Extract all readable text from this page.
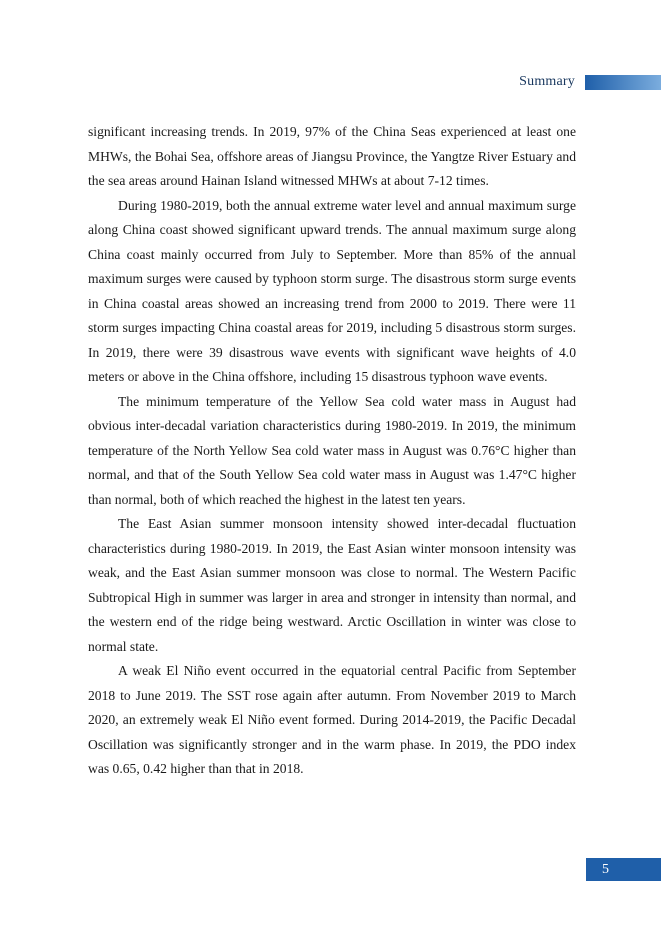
Summary

significant increasing trends. In 2019, 97% of the China Seas experienced at least one MHWs, the Bohai Sea, offshore areas of Jiangsu Province, the Yangtze River Estuary and the sea areas around Hainan Island witnessed MHWs at about 7-12 times.

During 1980-2019, both the annual extreme water level and annual maximum surge along China coast showed significant upward trends. The annual maximum surge along China coast mainly occurred from July to September. More than 85% of the annual maximum surges were caused by typhoon storm surge. The disastrous storm surge events in China coastal areas showed an increasing trend from 2000 to 2019. There were 11 storm surges impacting China coastal areas for 2019, including 5 disastrous storm surges. In 2019, there were 39 disastrous wave events with significant wave heights of 4.0 meters or above in the China offshore, including 15 disastrous typhoon wave events.

The minimum temperature of the Yellow Sea cold water mass in August had obvious inter-decadal variation characteristics during 1980-2019. In 2019, the minimum temperature of the North Yellow Sea cold water mass in August was 0.76°C higher than normal, and that of the South Yellow Sea cold water mass in August was 1.47°C higher than normal, both of which reached the highest in the latest ten years.

The East Asian summer monsoon intensity showed inter-decadal fluctuation characteristics during 1980-2019. In 2019, the East Asian winter monsoon intensity was weak, and the East Asian summer monsoon was close to normal. The Western Pacific Subtropical High in summer was larger in area and stronger in intensity than normal, and the western end of the ridge being westward. Arctic Oscillation in winter was close to normal state.

A weak El Niño event occurred in the equatorial central Pacific from September 2018 to June 2019. The SST rose again after autumn. From November 2019 to March 2020, an extremely weak El Niño event formed. During 2014-2019, the Pacific Decadal Oscillation was significantly stronger and in the warm phase. In 2019, the PDO index was 0.65, 0.42 higher than that in 2018.

5
